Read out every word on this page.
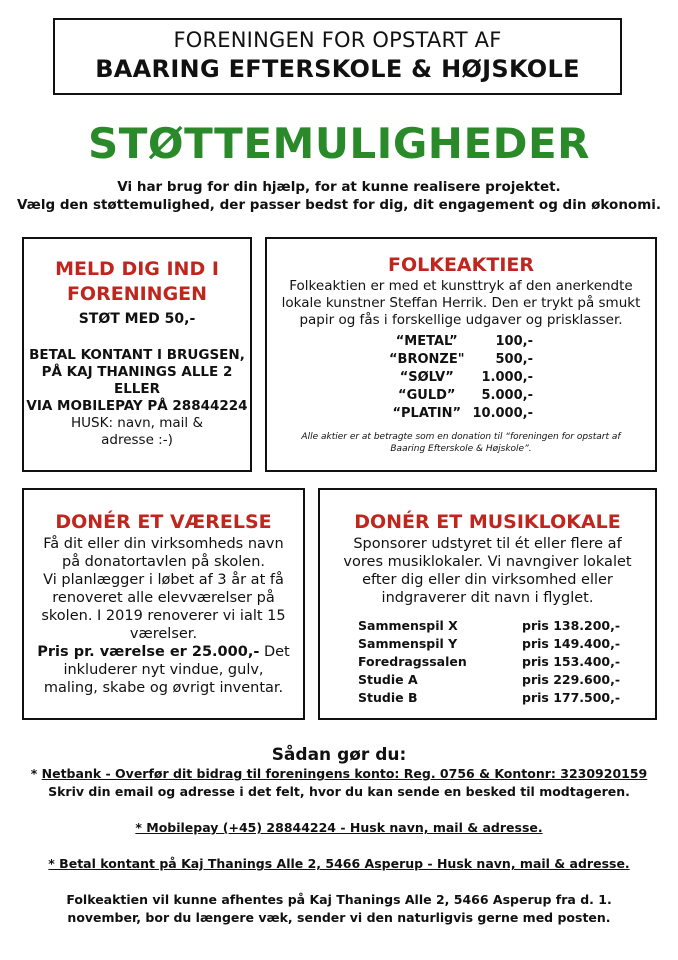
FORENINGEN FOR OPSTART AF
BAARING EFTERSKOLE & HØJSKOLE
STØTTEMULIGHEDER
Vi har brug for din hjælp, for at kunne realisere projektet.
Vælg den støttemulighed, der passer bedst for dig, dit engagement og din økonomi.
MELD DIG IND I
FORENINGEN
STØT MED 50,-
BETAL KONTANT I BRUGSEN,
PÅ KAJ THANINGS ALLE 2
ELLER
VIA MOBILEPAY PÅ 28844224
HUSK: navn, mail &
adresse :-)
FOLKEAKTIER
Folkeaktien er med et kunsttryk af den anerkendte
lokale kunstner Steffan Herrik. Den er trykt på smukt
papir og fås i forskellige udgaver og prisklasser.
“METAL”	100,-
“BRONZE"	500,-
“SØLV”	1.000,-
“GULD”	5.000,-
“PLATIN”	10.000,-
Alle aktier er at betragte som en donation til “foreningen for opstart af
Baaring Efterskole & Højskole”.
DONÉR ET VÆRELSE
Få dit eller din virksomheds navn
på donatortavlen på skolen.
Vi planlægger i løbet af 3 år at få
renoveret alle elevværelser på
skolen. I 2019 renoverer vi ialt 15
værelser.
Pris pr. værelse er 25.000,- Det
inkluderer nyt vindue, gulv,
maling, skabe og øvrigt inventar.
DONÉR ET MUSIKLOKALE
Sponsorer udstyret til ét eller flere af
vores musiklokaler. Vi navngiver lokalet
efter dig eller din virksomhed eller
indgraverer dit navn i flyglet.
Sammenspil X	pris 138.200,-
Sammenspil Y	pris 149.400,-
Foredragssalen	pris 153.400,-
Studie A	pris 229.600,-
Studie B	pris 177.500,-
Sådan gør du:
* Netbank - Overfør dit bidrag til foreningens konto: Reg. 0756 & Kontonr: 3230920159
Skriv din email og adresse i det felt, hvor du kan sende en besked til modtageren.
* Mobilepay (+45) 28844224 - Husk navn, mail & adresse.
* Betal kontant på Kaj Thanings Alle 2, 5466 Asperup - Husk navn, mail & adresse.
Folkeaktien vil kunne afhentes på Kaj Thanings Alle 2, 5466 Asperup fra d. 1.
november, bor du længere væk, sender vi den naturligvis gerne med posten.
